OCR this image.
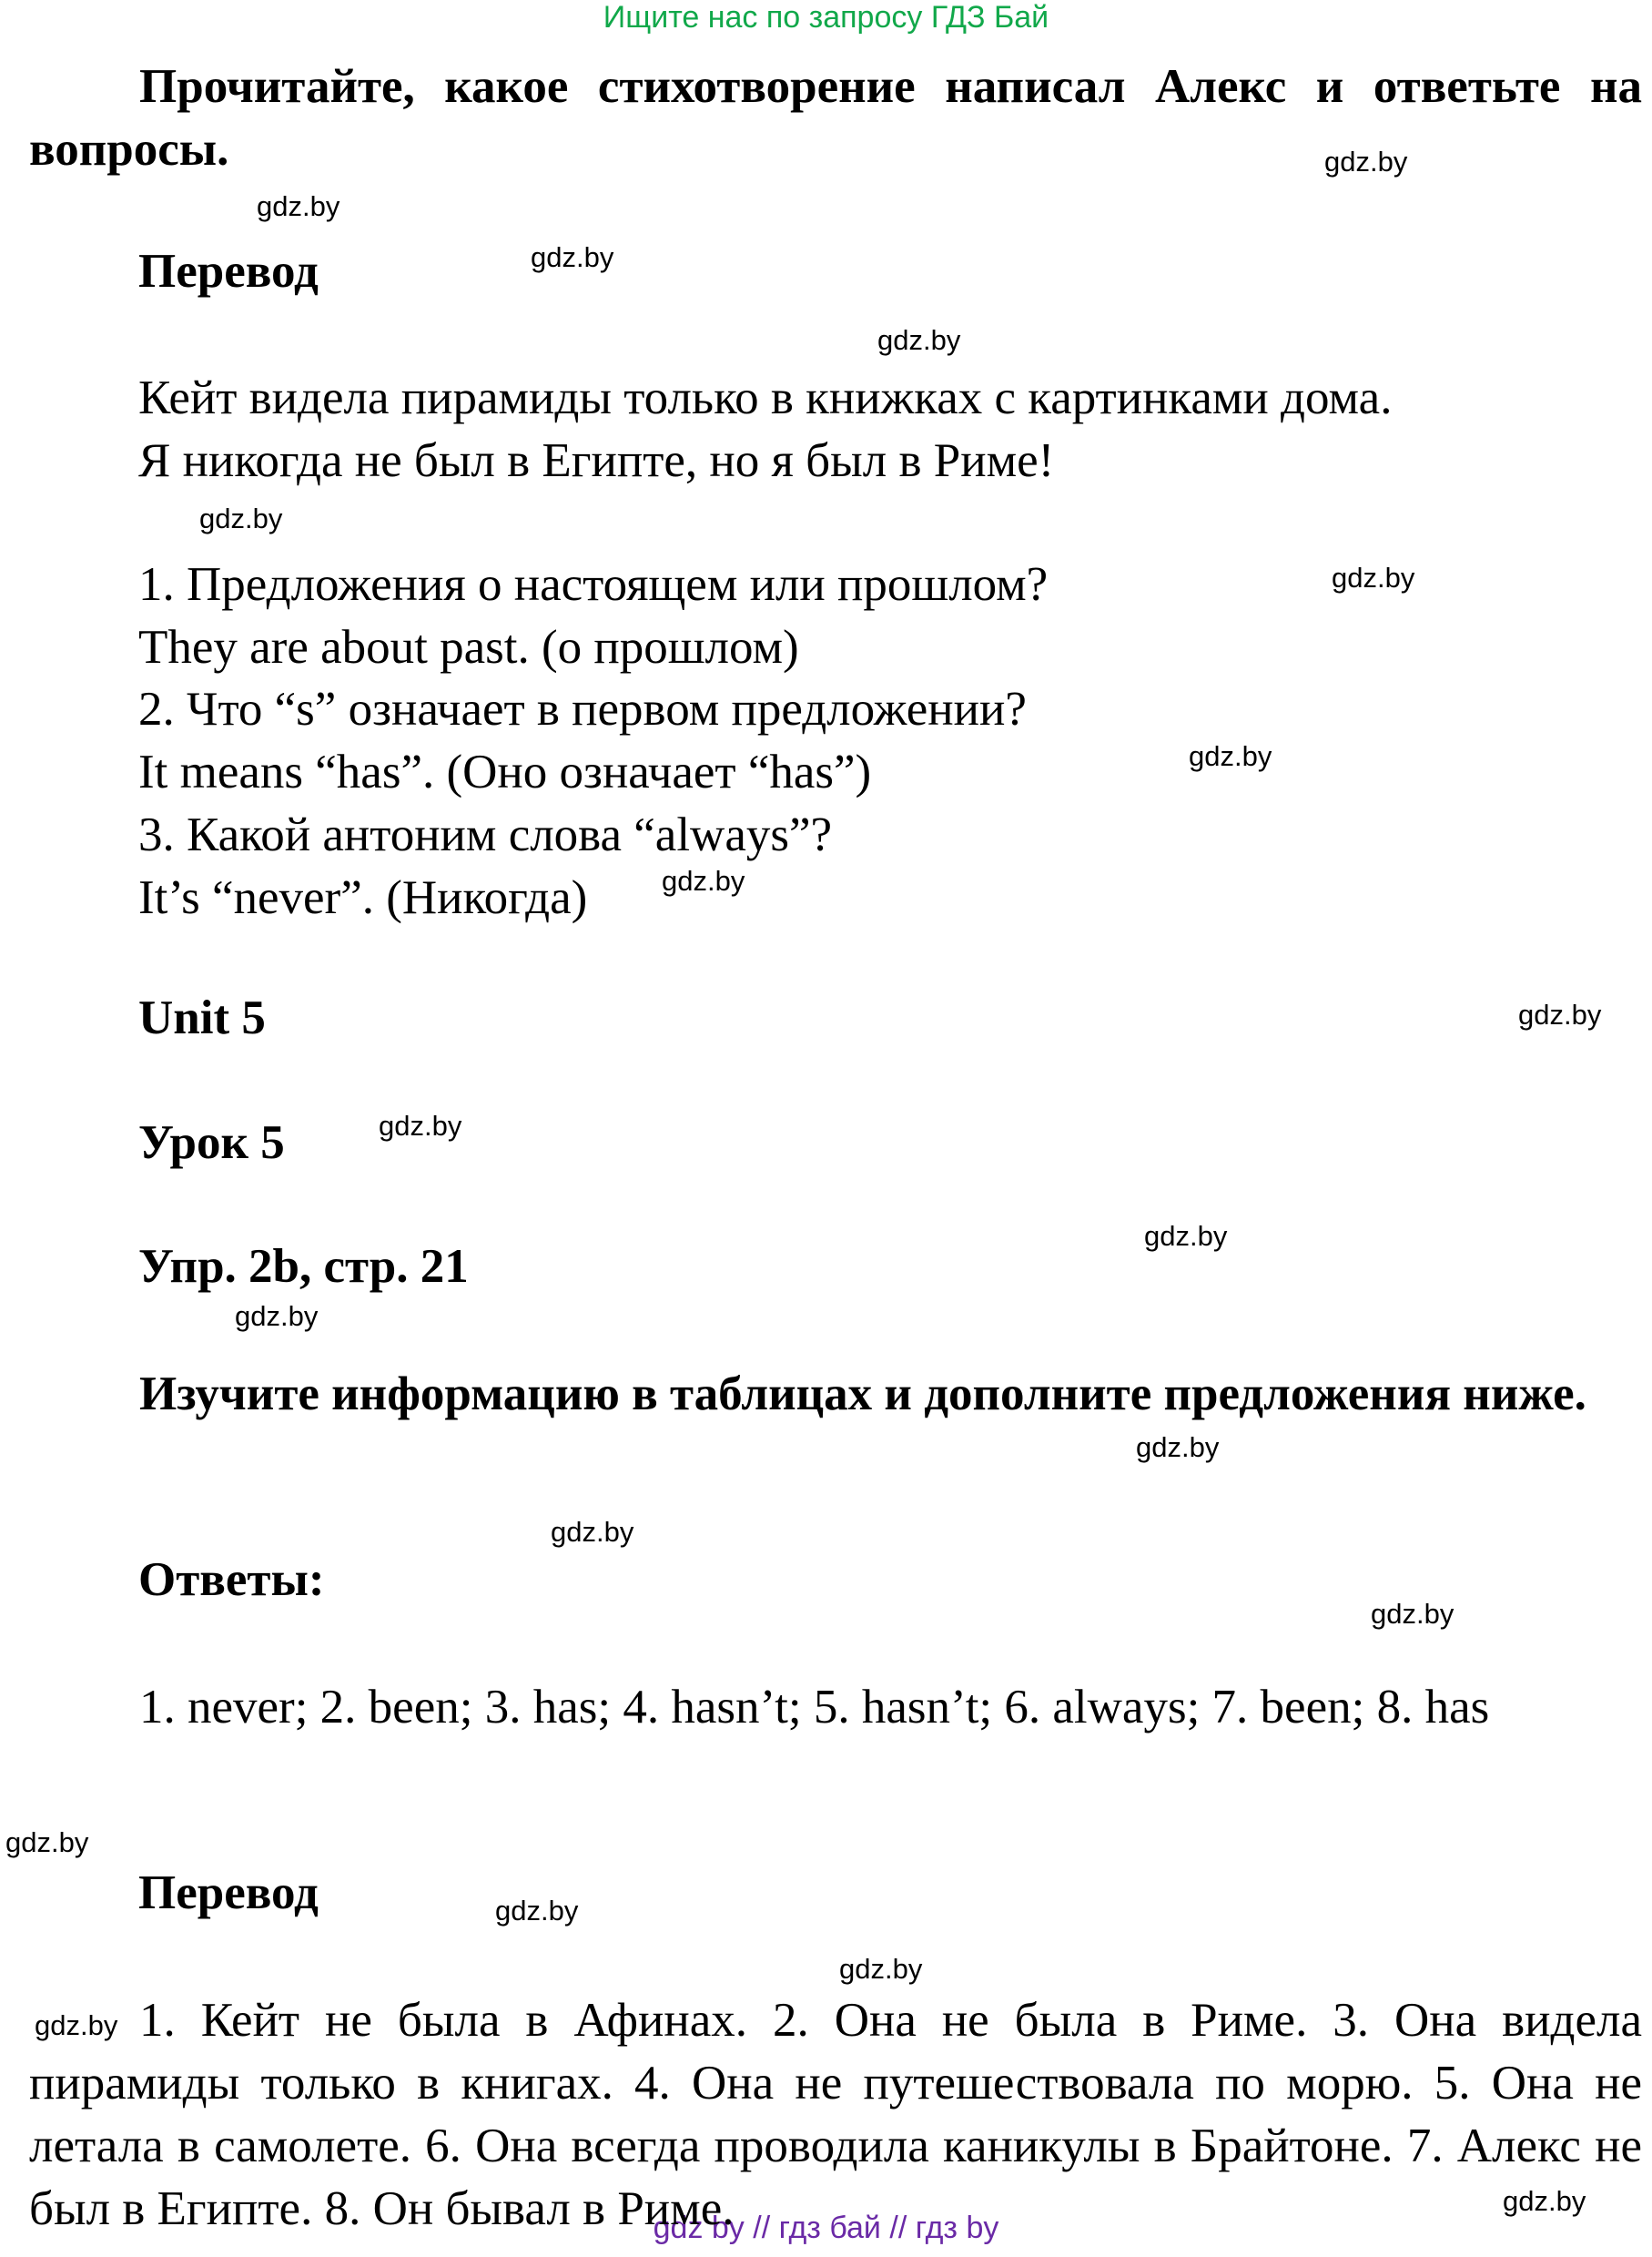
Ищите нас по запросу ГДЗ Бай
gdz by // гдз бай // гдз by
Прочитайте, какое стихотворение написал Алекс и ответьте на вопросы.
Перевод
Кейт видела пирамиды только в книжках с картинками дома.
Я никогда не был в Египте, но я был в Риме!
1. Предложения о настоящем или прошлом?
They are about past. (о прошлом)
2. Что “s” означает в первом предложении?
It means “has”. (Оно означает “has”)
3. Какой антоним слова “always”?
It’s “never”. (Никогда)
Unit 5
Урок 5
Упр. 2b, стр. 21
Изучите информацию в таблицах и дополните предложения ниже.
Ответы:
1. never; 2. been; 3. has; 4. hasn’t; 5. hasn’t; 6. always; 7. been; 8. has
Перевод
1. Кейт не была в Афинах. 2. Она не была в Риме. 3. Она видела пирамиды только в книгах. 4. Она не путешествовала по морю. 5. Она не летала в самолете. 6. Она всегда проводила каникулы в Брайтоне. 7. Алекс не был в Египте. 8. Он бывал в Риме.
gdz.by
gdz.by
gdz.by
gdz.by
gdz.by
gdz.by
gdz.by
gdz.by
gdz.by
gdz.by
gdz.by
gdz.by
gdz.by
gdz.by
gdz.by
gdz.by
gdz.by
gdz.by
gdz.by
gdz.by
